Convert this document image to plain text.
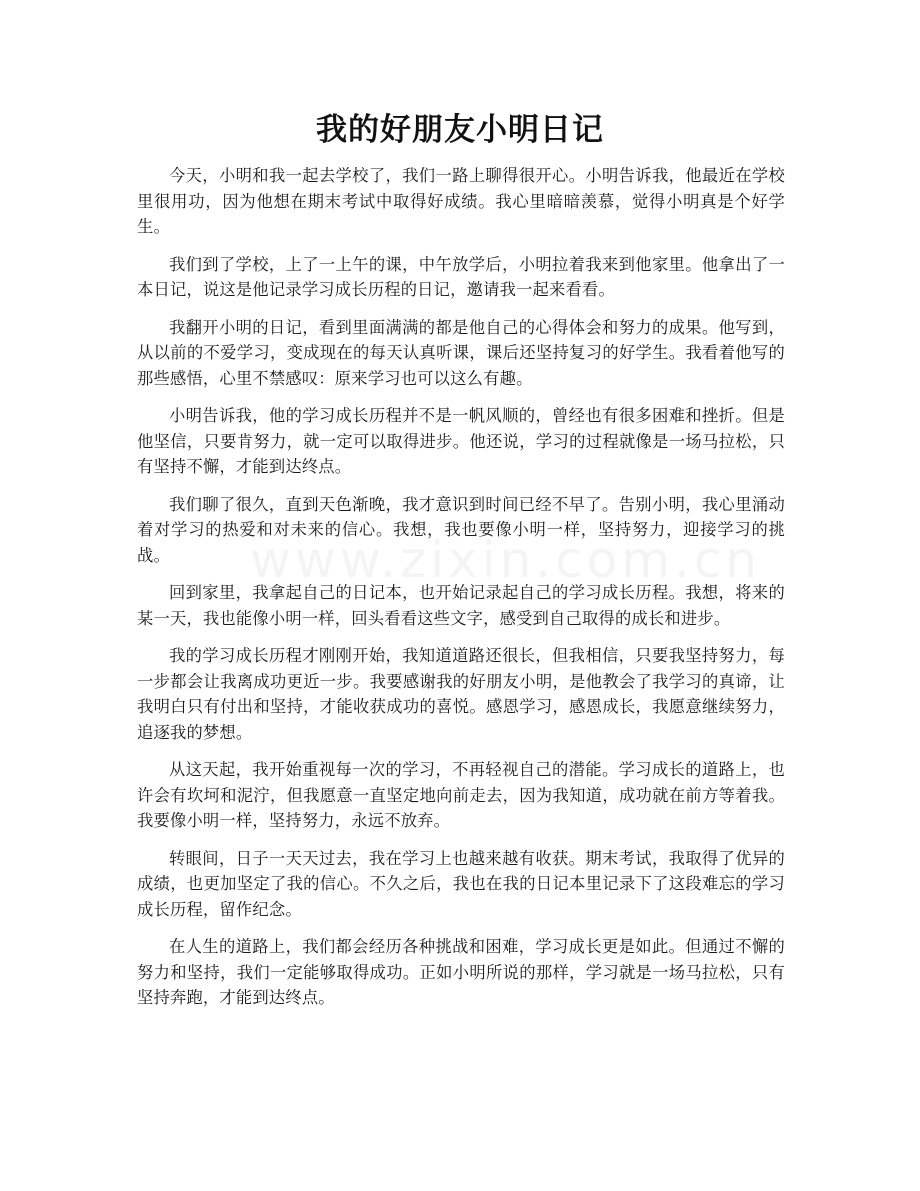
我的好朋友小明日记

今天，小明和我一起去学校了，我们一路上聊得很开心。小明告诉我，他最近在学校里很用功，因为他想在期末考试中取得好成绩。我心里暗暗羡慕，觉得小明真是个好学生。

我们到了学校，上了一上午的课，中午放学后，小明拉着我来到他家里。他拿出了一本日记，说这是他记录学习成长历程的日记，邀请我一起来看看。

我翻开小明的日记，看到里面满满的都是他自己的心得体会和努力的成果。他写到，从以前的不爱学习，变成现在的每天认真听课，课后还坚持复习的好学生。我看着他写的那些感悟，心里不禁感叹：原来学习也可以这么有趣。

小明告诉我，他的学习成长历程并不是一帆风顺的，曾经也有很多困难和挫折。但是他坚信，只要肯努力，就一定可以取得进步。他还说，学习的过程就像是一场马拉松，只有坚持不懈，才能到达终点。

我们聊了很久，直到天色渐晚，我才意识到时间已经不早了。告别小明，我心里涌动着对学习的热爱和对未来的信心。我想，我也要像小明一样，坚持努力，迎接学习的挑战。

回到家里，我拿起自己的日记本，也开始记录起自己的学习成长历程。我想，将来的某一天，我也能像小明一样，回头看看这些文字，感受到自己取得的成长和进步。

我的学习成长历程才刚刚开始，我知道道路还很长，但我相信，只要我坚持努力，每一步都会让我离成功更近一步。我要感谢我的好朋友小明，是他教会了我学习的真谛，让我明白只有付出和坚持，才能收获成功的喜悦。感恩学习，感恩成长，我愿意继续努力，追逐我的梦想。

从这天起，我开始重视每一次的学习，不再轻视自己的潜能。学习成长的道路上，也许会有坎坷和泥泞，但我愿意一直坚定地向前走去，因为我知道，成功就在前方等着我。我要像小明一样，坚持努力，永远不放弃。

转眼间，日子一天天过去，我在学习上也越来越有收获。期末考试，我取得了优异的成绩，也更加坚定了我的信心。不久之后，我也在我的日记本里记录下了这段难忘的学习成长历程，留作纪念。

在人生的道路上，我们都会经历各种挑战和困难，学习成长更是如此。但通过不懈的努力和坚持，我们一定能够取得成功。正如小明所说的那样，学习就是一场马拉松，只有坚持奔跑，才能到达终点。
